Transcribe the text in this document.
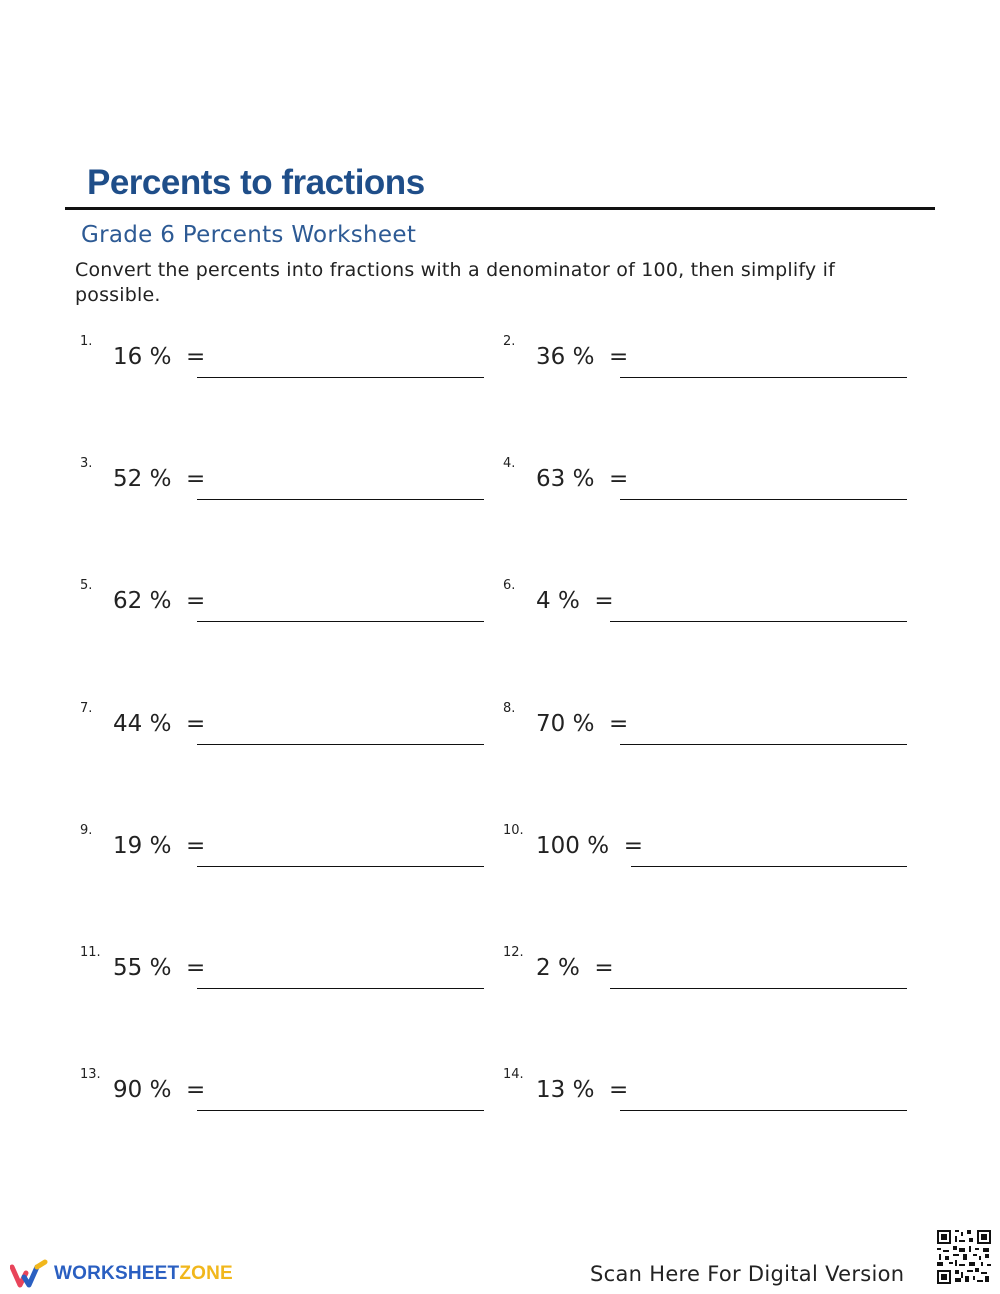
Percents to fractions
Grade 6 Percents Worksheet
Convert the percents into fractions with a denominator of 100, then simplify if possible.
1.
16 %  =
2.
36 %  =
3.
52 %  =
4.
63 %  =
5.
62 %  =
6.
4 %  =
7.
44 %  =
8.
70 %  =
9.
19 %  =
10.
100 %  =
11.
55 %  =
12.
2 %  =
13.
90 %  =
14.
13 %  =
WORKSHEETZONE	Scan Here For Digital Version
